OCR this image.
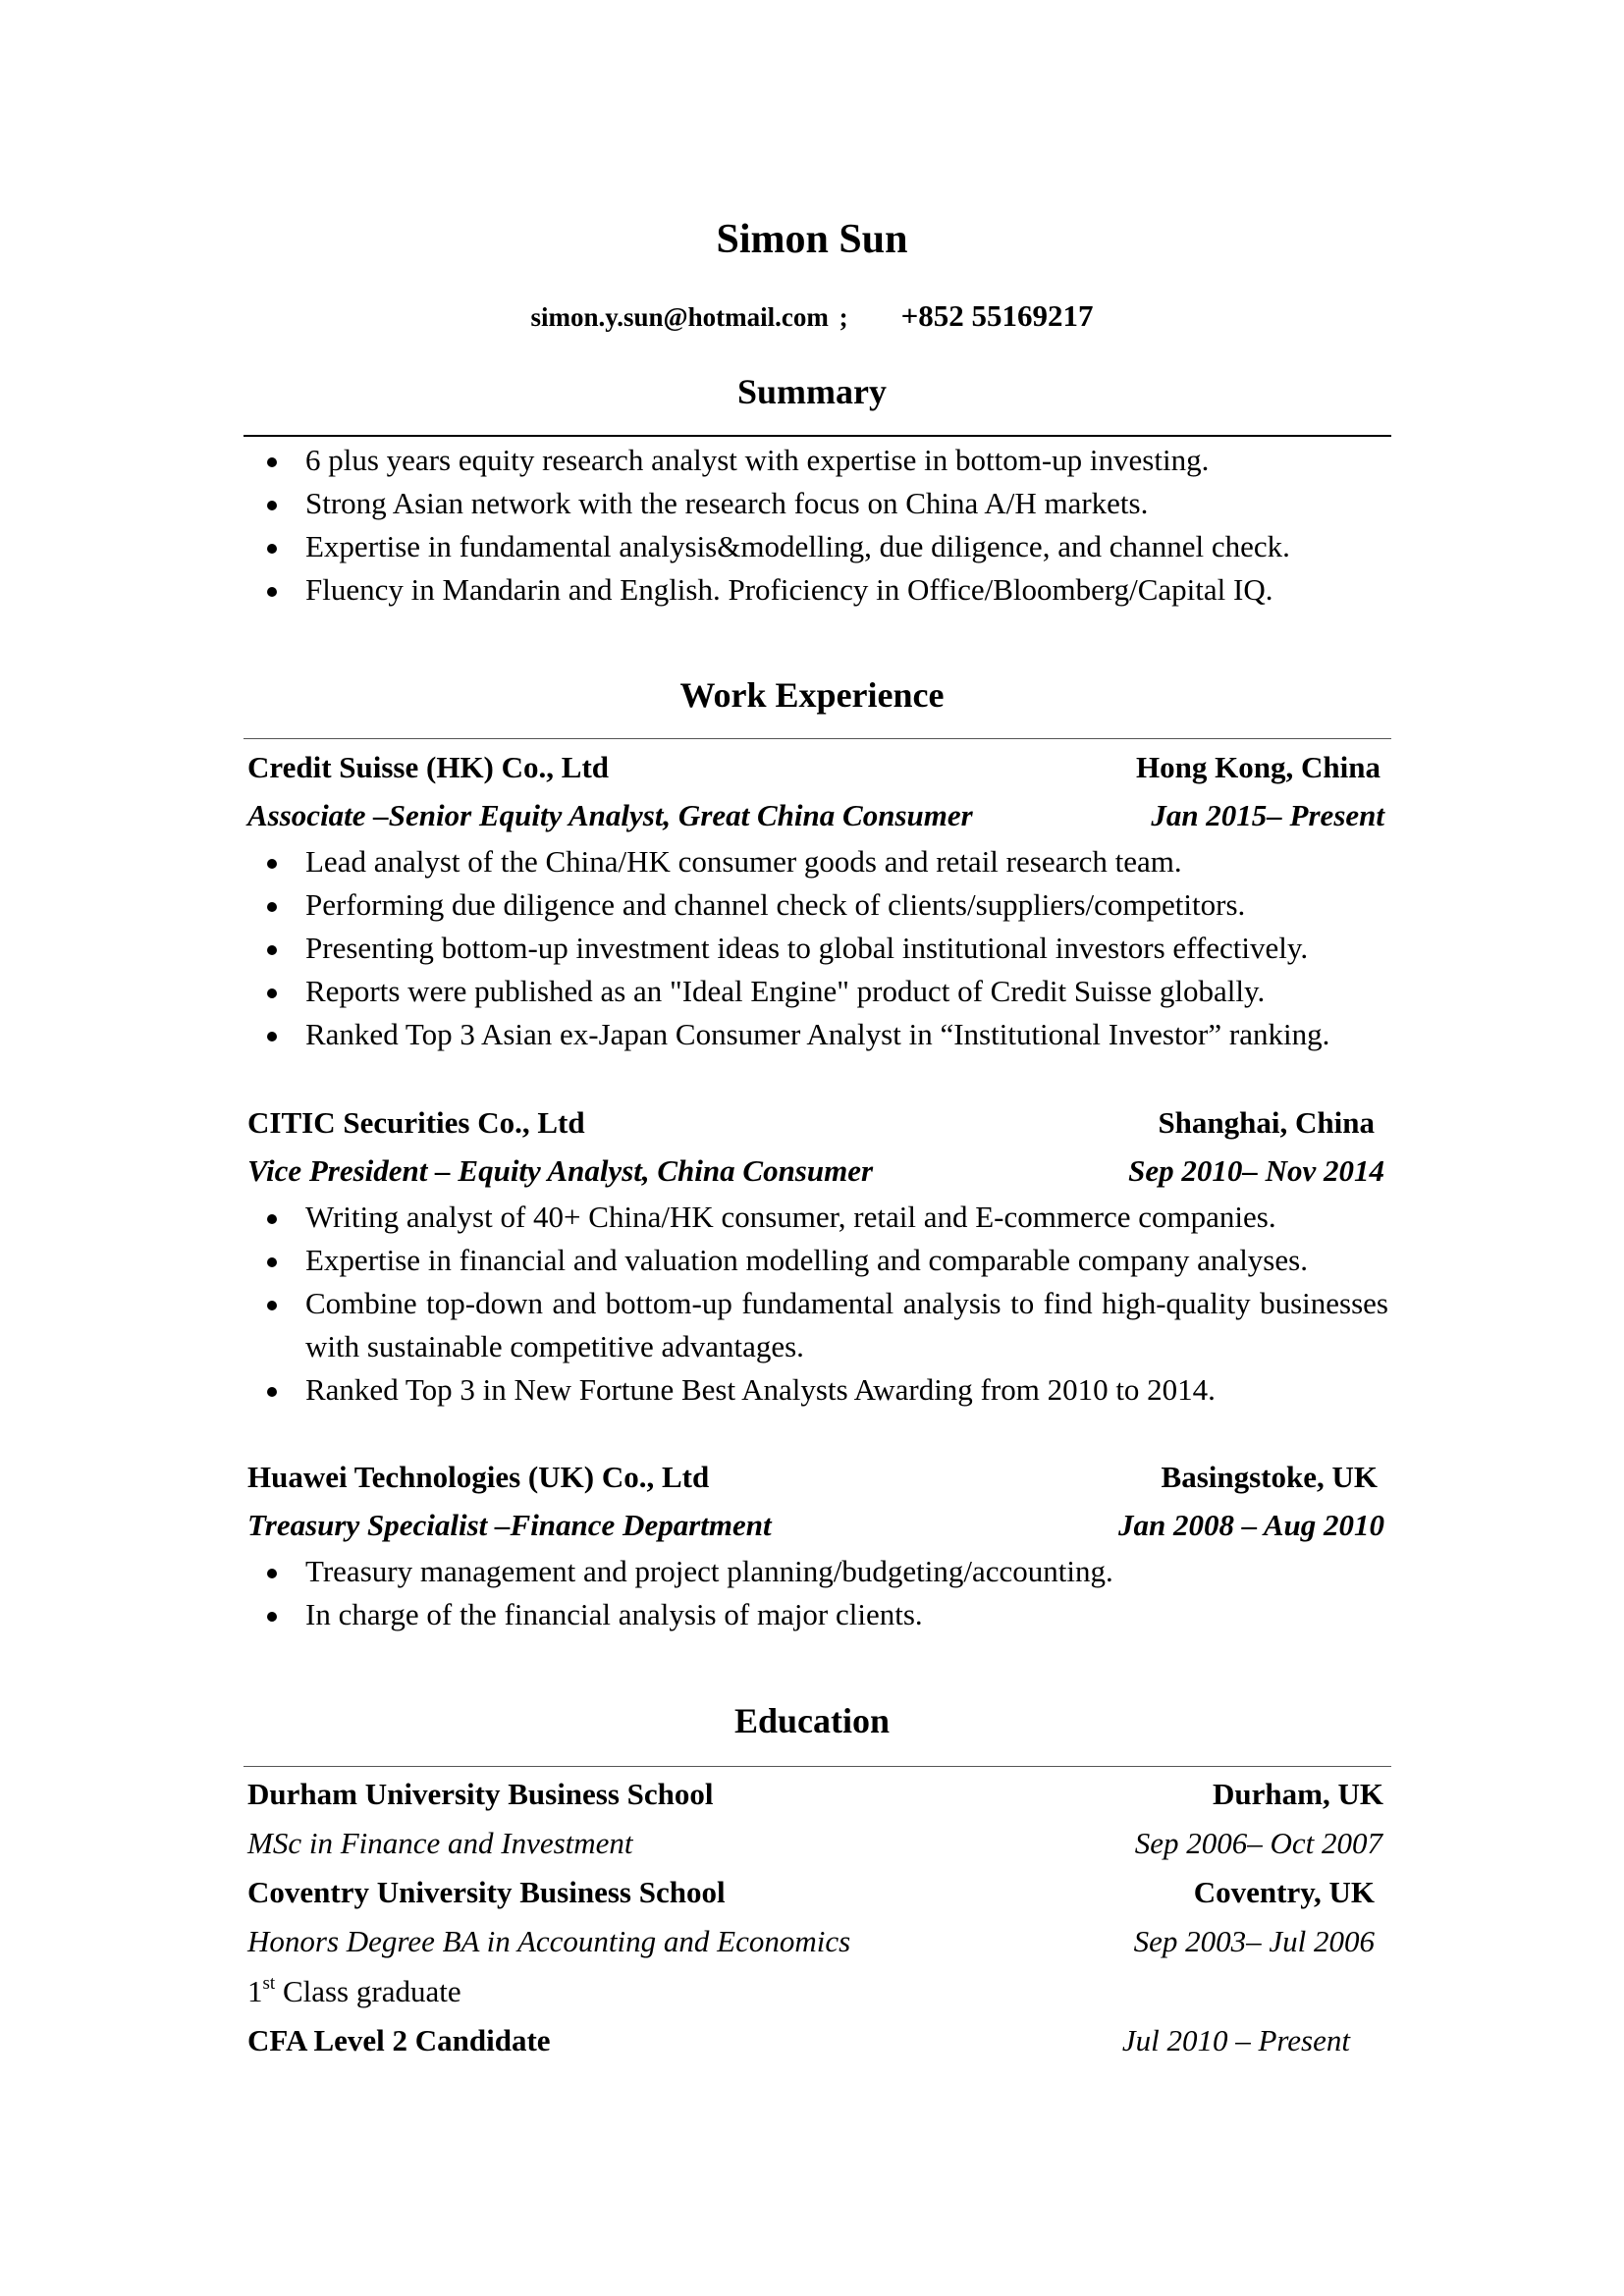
Simon Sun
simon.y.sun@hotmail.com ; +852 55169217
Summary
6 plus years equity research analyst with expertise in bottom-up investing.
Strong Asian network with the research focus on China A/H markets.
Expertise in fundamental analysis&modelling, due diligence, and channel check.
Fluency in Mandarin and English. Proficiency in Office/Bloomberg/Capital IQ.
Work Experience
Credit Suisse (HK) Co., Ltd	Hong Kong, China
Associate –Senior Equity Analyst, Great China Consumer	Jan 2015– Present
Lead analyst of the China/HK consumer goods and retail research team.
Performing due diligence and channel check of clients/suppliers/competitors.
Presenting bottom-up investment ideas to global institutional investors effectively.
Reports were published as an "Ideal Engine" product of Credit Suisse globally.
Ranked Top 3 Asian ex-Japan Consumer Analyst in “Institutional Investor” ranking.
CITIC Securities Co., Ltd	Shanghai, China
Vice President – Equity Analyst, China Consumer	Sep 2010– Nov 2014
Writing analyst of 40+ China/HK consumer, retail and E-commerce companies.
Expertise in financial and valuation modelling and comparable company analyses.
Combine top-down and bottom-up fundamental analysis to find high-quality businesses with sustainable competitive advantages.
Ranked Top 3 in New Fortune Best Analysts Awarding from 2010 to 2014.
Huawei Technologies (UK) Co., Ltd	Basingstoke, UK
Treasury Specialist –Finance Department	Jan 2008 – Aug 2010
Treasury management and project planning/budgeting/accounting.
In charge of the financial analysis of major clients.
Education
Durham University Business School	Durham, UK
MSc in Finance and Investment	Sep 2006– Oct 2007
Coventry University Business School	Coventry, UK
Honors Degree BA in Accounting and Economics	Sep 2003– Jul 2006
1st Class graduate
CFA Level 2 Candidate	Jul 2010 – Present
